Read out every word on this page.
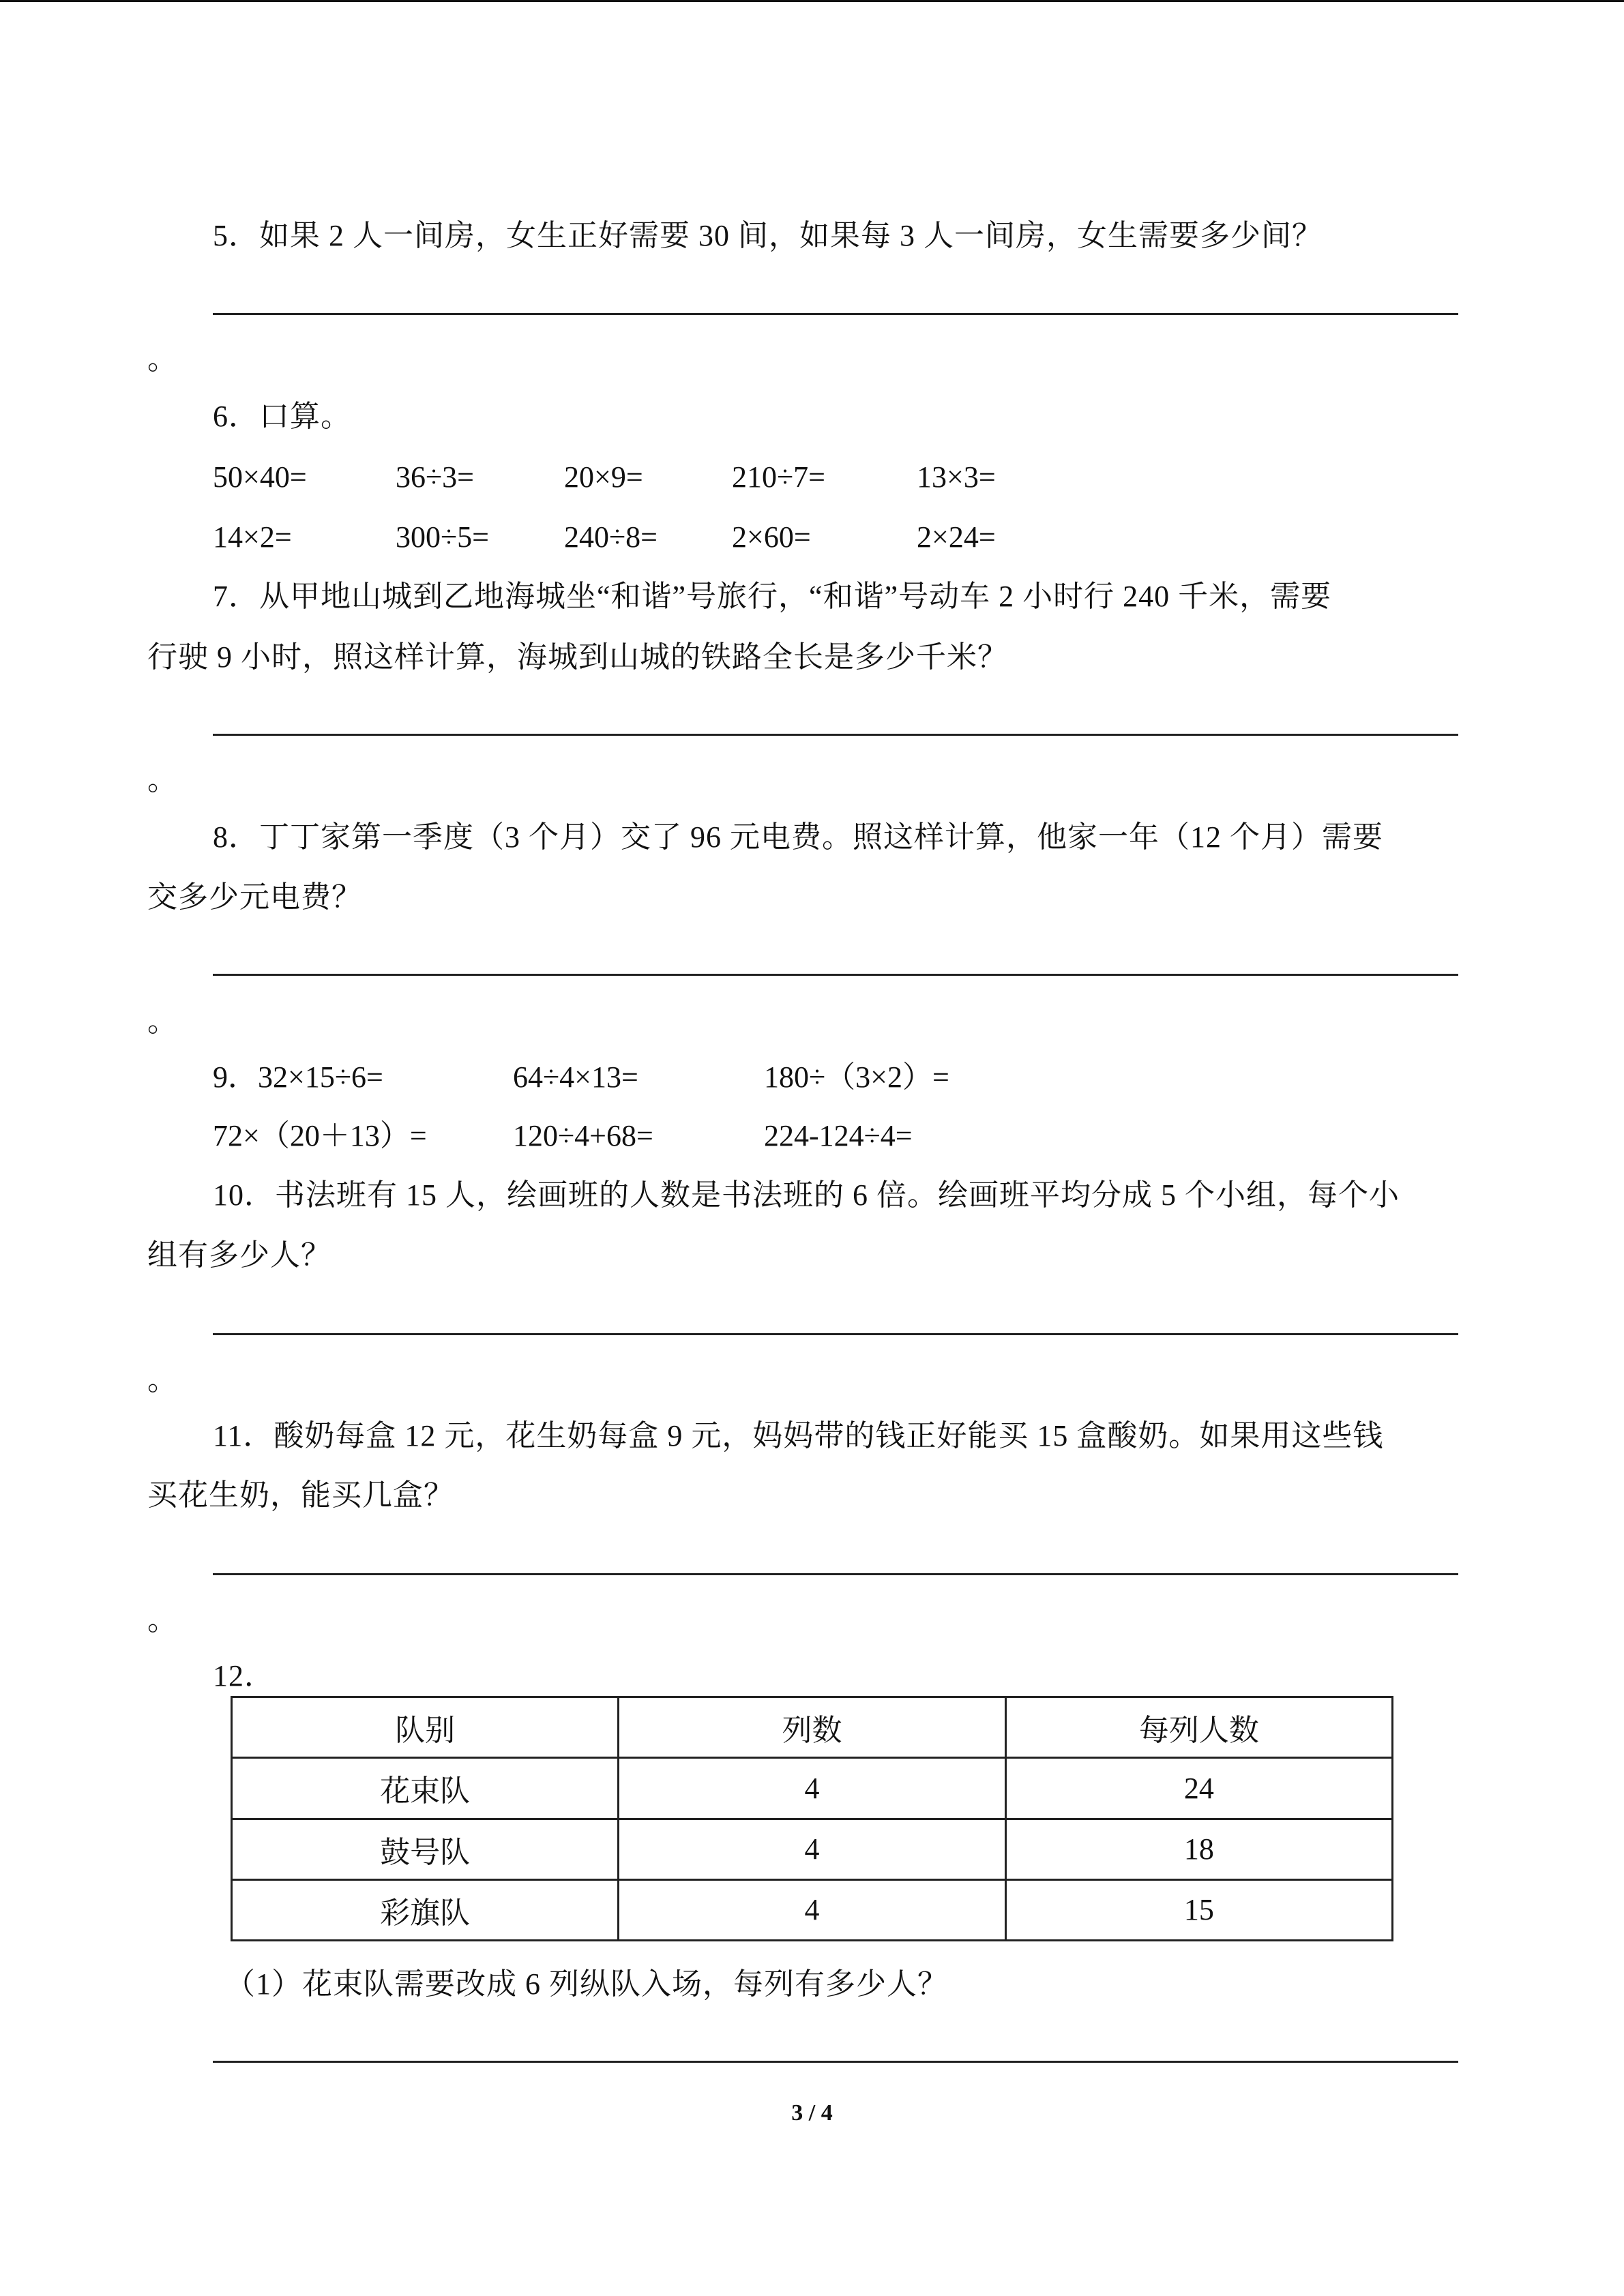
5．如果 2 人一间房，女生正好需要 30 间，如果每 3 人一间房，女生需要多少间？
。
6．口算。
50×40=	36÷3=	20×9=	210÷7=	13×3=
14×2=	300÷5=	240÷8= 2×60=	2×24=
7．从甲地山城到乙地海城坐“和谐”号旅行，“和谐”号动车 2 小时行 240 千米，需要
行驶 9 小时，照这样计算，海城到山城的铁路全长是多少千米？
。
8．丁丁家第一季度（3 个月）交了 96 元电费。照这样计算，他家一年（12 个月）需要
交多少元电费？
。
9．32×15÷6=	64÷4×13=	180÷（3×2）=
72×（20＋13）=	120÷4+68=	224-124÷4=
10．书法班有 15 人，绘画班的人数是书法班的 6 倍。绘画班平均分成 5 个小组，每个小
组有多少人？
。
11．酸奶每盒 12 元，花生奶每盒 9 元，妈妈带的钱正好能买 15 盒酸奶。如果用这些钱
买花生奶，能买几盒？
。
12．
队别	列数	每列人数
花束队	4	24
鼓号队	4	18
彩旗队	4	15
（1）花束队需要改成 6 列纵队入场，每列有多少人？
3 / 4
